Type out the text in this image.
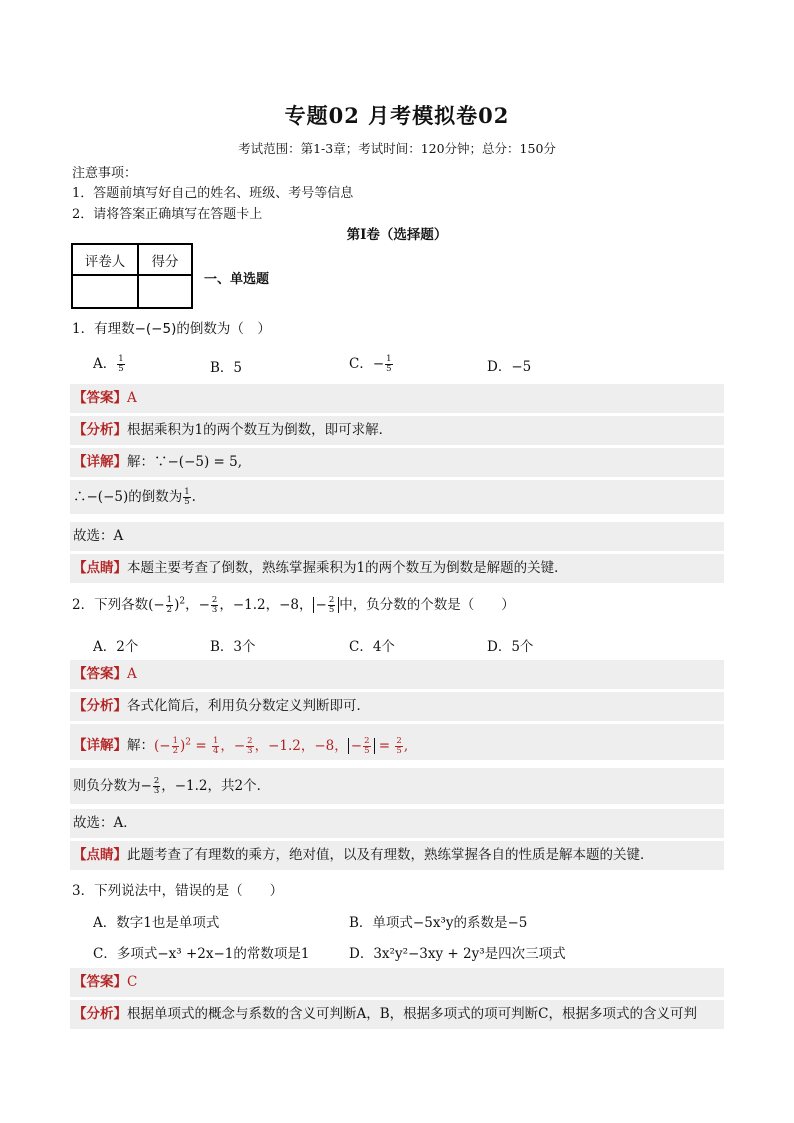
专题02 月考模拟卷02
考试范围：第1-3章；考试时间：120分钟；总分：150分
注意事项：
1．答题前填写好自己的姓名、班级、考号等信息
2．请将答案正确填写在答题卡上
第I卷（选择题）
评卷人	得分

一、单选题
1．有理数−(−5)的倒数为（　）
A． $\frac{1}{5}$	B．5	C．− $\frac{1}{5}$	D．−5
【答案】A
【分析】根据乘积为1的两个数互为倒数，即可求解．
【详解】解：∵−(−5) = 5,
∴−(−5)的倒数为 $\frac{1}{5}$ .
故选：A
【点睛】本题主要考查了倒数，熟练掌握乘积为1的两个数互为倒数是解题的关键．
2．下列各数(− $\frac{1}{2} )^2$，− $\frac{2}{3}$ ，−1.2，−8， − $\frac{2}{5}$ 中，负分数的个数是（　　）
A．2个	B．3个	C．4个	D．5个
【答案】A
【分析】各式化简后，利用负分数定义判断即可．
【详解】解：(− $\frac{1}{2} )^2 = \frac{1}{4}$ ，− $\frac{2}{3}$ ，−1.2，−8， − $\frac{2}{5} = \frac{2}{5}$ ,
则负分数为− $\frac{2}{3}$ ，−1.2，共2个．
故选：A．
【点睛】此题考查了有理数的乘方，绝对值，以及有理数，熟练掌握各自的性质是解本题的关键．
3．下列说法中，错误的是（　　）
A．数字1也是单项式	B．单项式−5x³y的系数是−5
C．多项式−x³ +2x−1的常数项是1	D．3x²y²−3xy + 2y³是四次三项式
【答案】C
【分析】根据单项式的概念与系数的含义可判断A，B，根据多项式的项可判断C，根据多项式的含义可判
